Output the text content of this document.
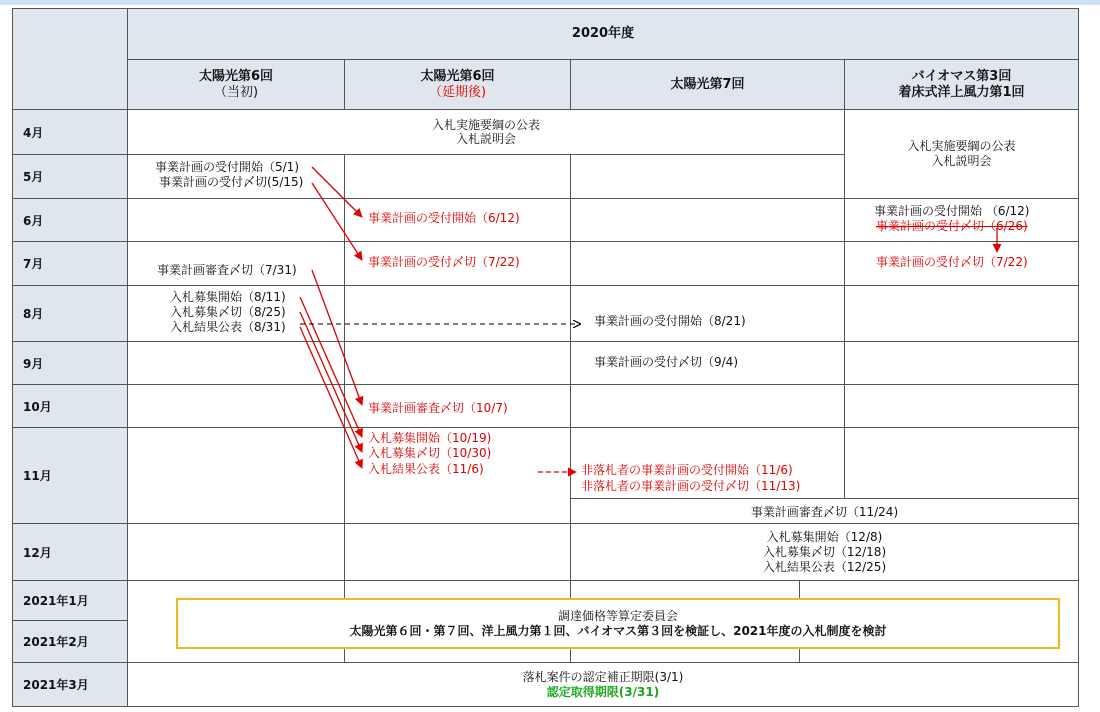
2020年度
太陽光第6回
（当初)
太陽光第6回
（延期後)
太陽光第7回
バイオマス第3回
着床式洋上風力第1回
4月
5月
6月
7月
8月
9月
10月
11月
12月
2021年1月
2021年2月
2021年3月
入札実施要綱の公表
入札説明会	入札実施要綱の公表
入札説明会
事業計画審査〆切（11/24)
入札募集開始（12/8)
入札募集〆切（12/18)
入札結果公表（12/25)
落札案件の認定補正期限(3/1)
認定取得期限(3/31)
調達価格等算定委員会
太陽光第６回・第７回、洋上風力第１回、バイオマス第３回を検証し、2021年度の入札制度を検討
事業計画の受付開始（5/1)
事業計画の受付〆切(5/15)
事業計画審査〆切（7/31)
入札募集開始（8/11)
入札募集〆切（8/25)
入札結果公表（8/31)
事業計画の受付開始（6/12)
事業計画の受付〆切（7/22)
事業計画審査〆切（10/7)
入札募集開始（10/19)
入札募集〆切（10/30)
入札結果公表（11/6)
事業計画の受付開始（8/21)
事業計画の受付〆切（9/4)
非落札者の事業計画の受付開始（11/6)
非落札者の事業計画の受付〆切（11/13)
事業計画の受付開始 （6/12)
事業計画の受付〆切（6/26)
事業計画の受付〆切（7/22)
